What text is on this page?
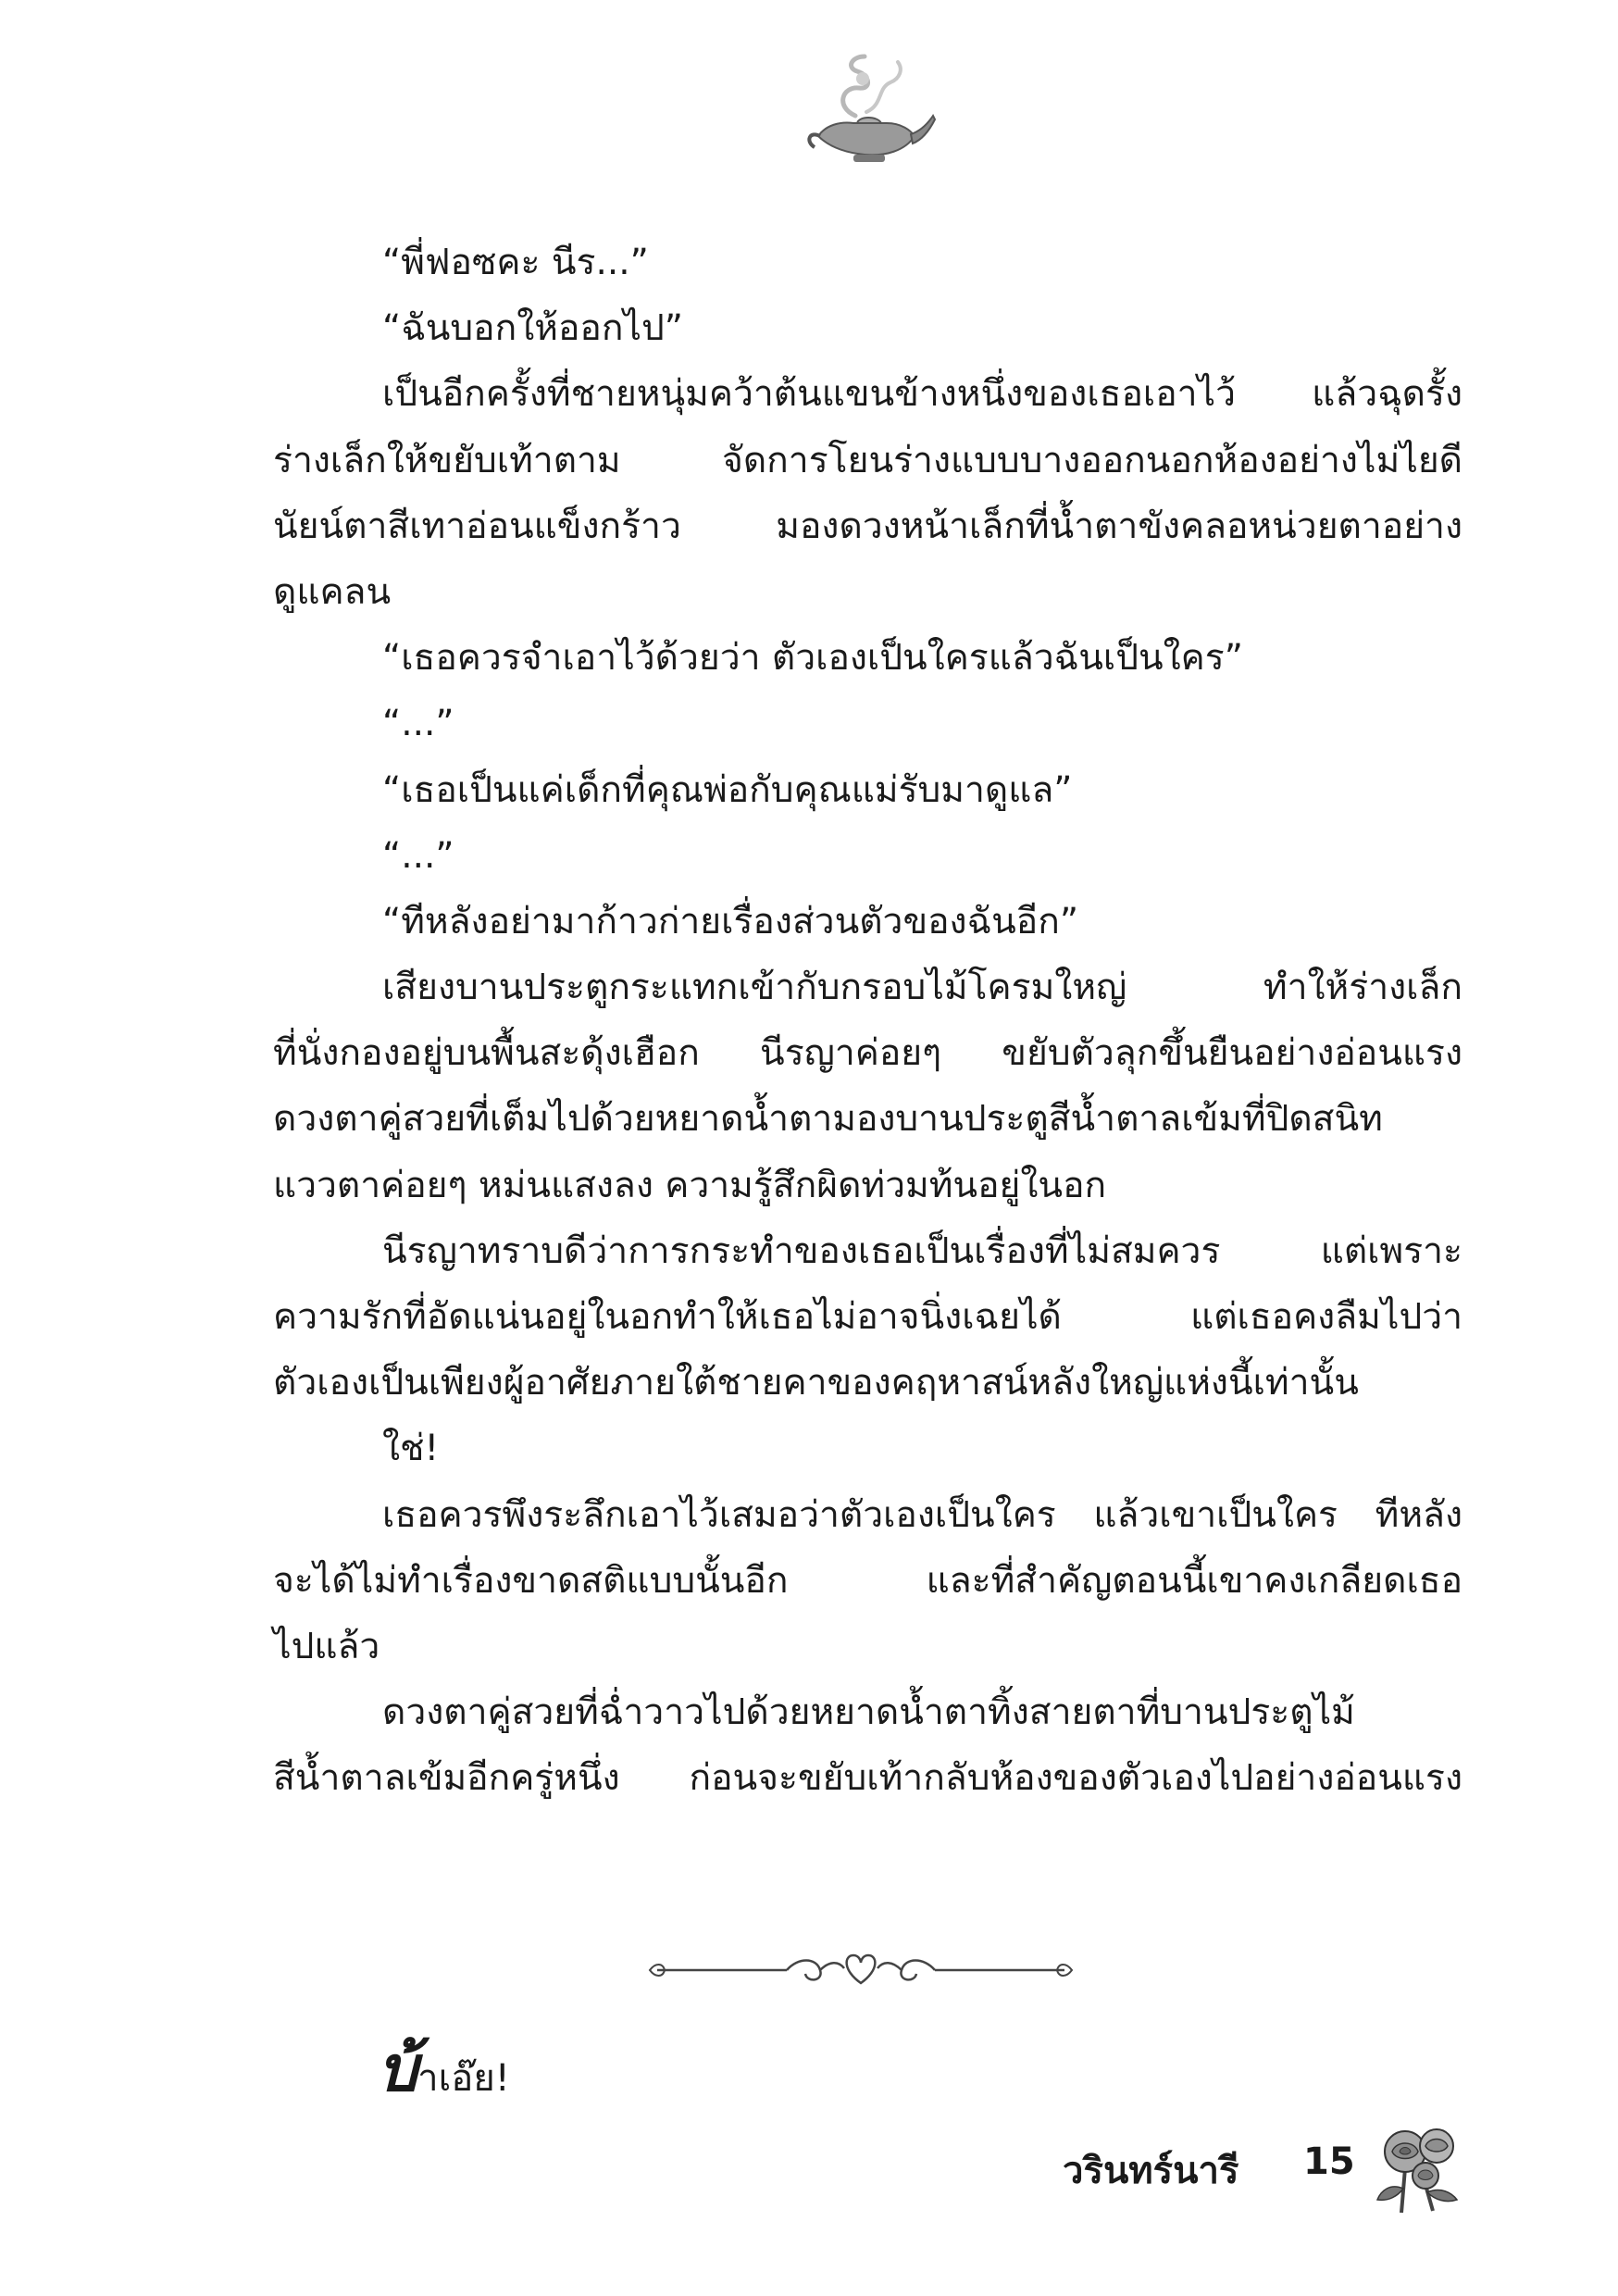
“พี่ฟอซคะ นีร...”
“ฉันบอกให้ออกไป”
เป็นอีกครั้งที่ชายหนุ่มคว้าต้นแขนข้างหนึ่งของเธอเอาไว้ แล้วฉุดรั้ง
ร่างเล็กให้ขยับเท้าตาม จัดการโยนร่างแบบบางออกนอกห้องอย่างไม่ไยดี
นัยน์ตาสีเทาอ่อนแข็งกร้าว มองดวงหน้าเล็กที่น้ำตาขังคลอหน่วยตาอย่าง
ดูแคลน
“เธอควรจำเอาไว้ด้วยว่า ตัวเองเป็นใครแล้วฉันเป็นใคร”
“...”
“เธอเป็นแค่เด็กที่คุณพ่อกับคุณแม่รับมาดูแล”
“...”
“ทีหลังอย่ามาก้าวก่ายเรื่องส่วนตัวของฉันอีก”
เสียงบานประตูกระแทกเข้ากับกรอบไม้โครมใหญ่ ทำให้ร่างเล็ก
ที่นั่งกองอยู่บนพื้นสะดุ้งเฮือก นีรญาค่อยๆ ขยับตัวลุกขึ้นยืนอย่างอ่อนแรง
ดวงตาคู่สวยที่เต็มไปด้วยหยาดน้ำตามองบานประตูสีน้ำตาลเข้มที่ปิดสนิท
แววตาค่อยๆ หม่นแสงลง ความรู้สึกผิดท่วมท้นอยู่ในอก
นีรญาทราบดีว่าการกระทำของเธอเป็นเรื่องที่ไม่สมควร แต่เพราะ
ความรักที่อัดแน่นอยู่ในอกทำให้เธอไม่อาจนิ่งเฉยได้ แต่เธอคงลืมไปว่า
ตัวเองเป็นเพียงผู้อาศัยภายใต้ชายคาของคฤหาสน์หลังใหญ่แห่งนี้เท่านั้น
ใช่!
เธอควรพึงระลึกเอาไว้เสมอว่าตัวเองเป็นใคร แล้วเขาเป็นใคร ทีหลัง
จะได้ไม่ทำเรื่องขาดสติแบบนั้นอีก และที่สำคัญตอนนี้เขาคงเกลียดเธอ
ไปแล้ว
ดวงตาคู่สวยที่ฉ่ำวาวไปด้วยหยาดน้ำตาทิ้งสายตาที่บานประตูไม้
สีน้ำตาลเข้มอีกครู่หนึ่ง ก่อนจะขยับเท้ากลับห้องของตัวเองไปอย่างอ่อนแรง
บ้าเอ๊ย!
วรินทร์นารี 15
